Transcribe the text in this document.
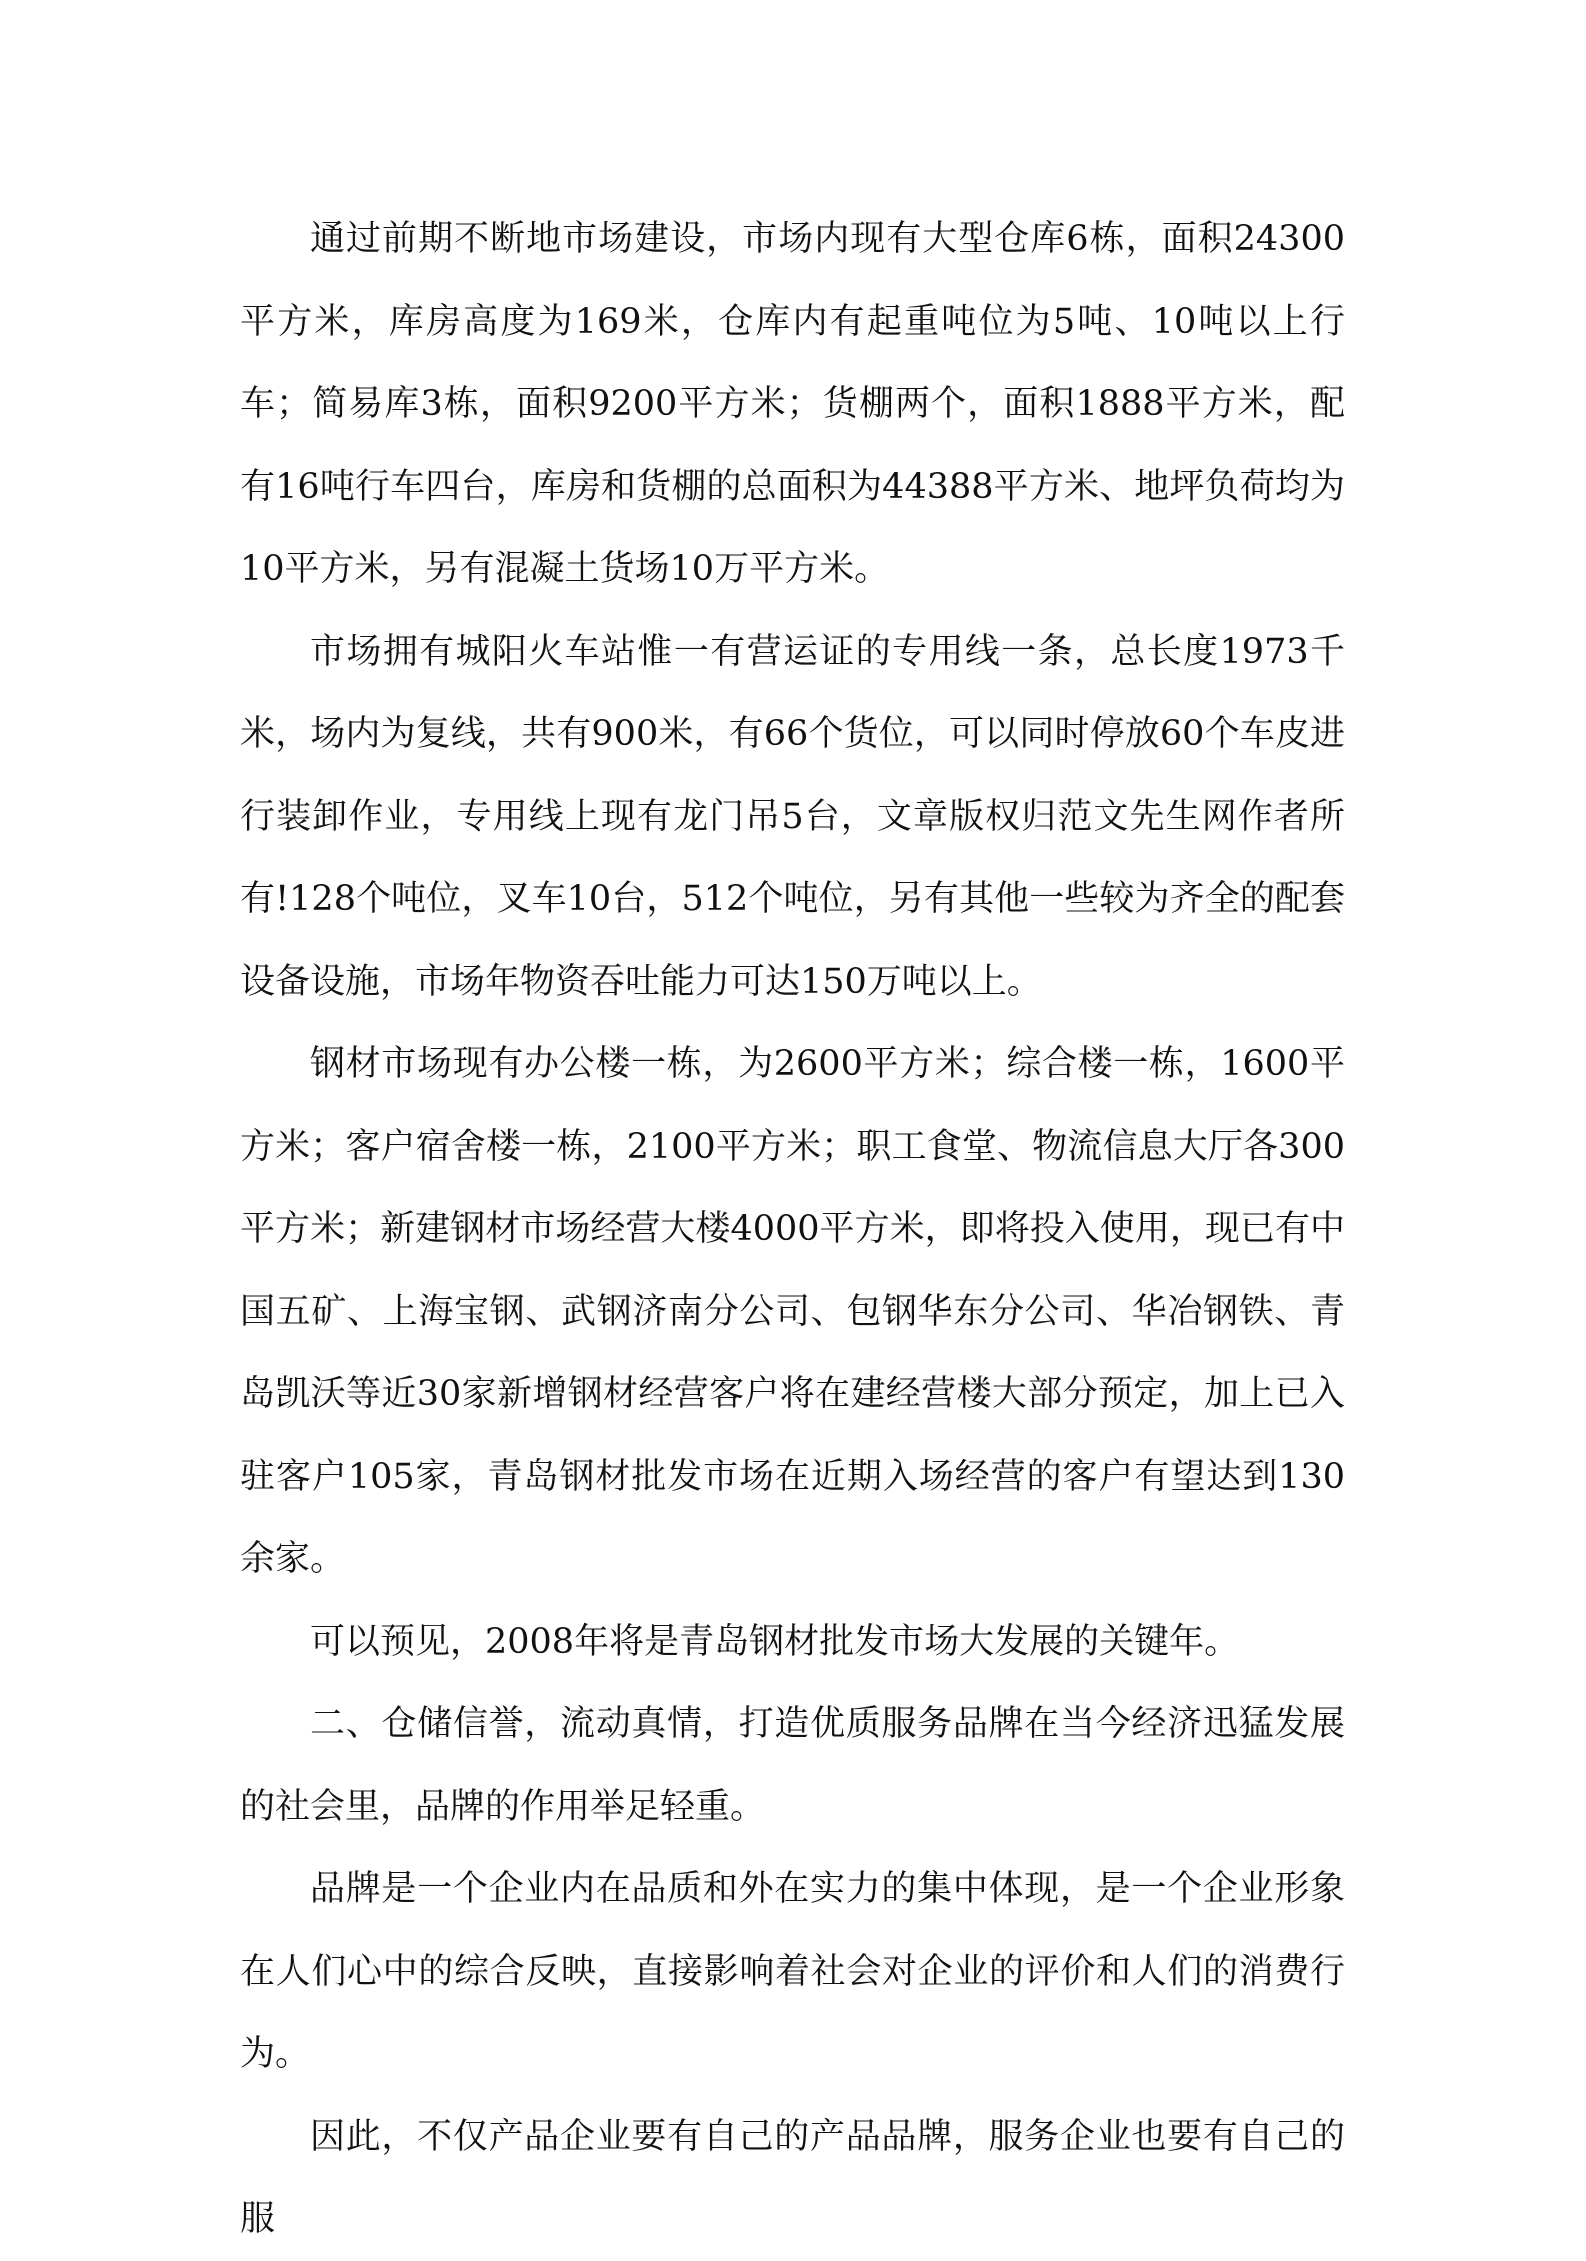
通过前期不断地市场建设，市场内现有大型仓库6栋，面积24300平方米，库房高度为169米，仓库内有起重吨位为5吨、10吨以上行车；简易库3栋，面积9200平方米；货棚两个，面积1888平方米，配有16吨行车四台，库房和货棚的总面积为44388平方米、地坪负荷均为10平方米，另有混凝土货场10万平方米。

市场拥有城阳火车站惟一有营运证的专用线一条，总长度1973千米，场内为复线，共有900米，有66个货位，可以同时停放60个车皮进行装卸作业，专用线上现有龙门吊5台，文章版权归范文先生网作者所有!128个吨位，叉车10台，512个吨位，另有其他一些较为齐全的配套设备设施，市场年物资吞吐能力可达150万吨以上。

钢材市场现有办公楼一栋，为2600平方米；综合楼一栋，1600平方米；客户宿舍楼一栋，2100平方米；职工食堂、物流信息大厅各300平方米；新建钢材市场经营大楼4000平方米，即将投入使用，现已有中国五矿、上海宝钢、武钢济南分公司、包钢华东分公司、华冶钢铁、青岛凯沃等近30家新增钢材经营客户将在建经营楼大部分预定，加上已入驻客户105家，青岛钢材批发市场在近期入场经营的客户有望达到130余家。

可以预见，2008年将是青岛钢材批发市场大发展的关键年。

二、仓储信誉，流动真情，打造优质服务品牌在当今经济迅猛发展的社会里，品牌的作用举足轻重。

品牌是一个企业内在品质和外在实力的集中体现，是一个企业形象在人们心中的综合反映，直接影响着社会对企业的评价和人们的消费行为。

因此，不仅产品企业要有自己的产品品牌，服务企业也要有自己的服
